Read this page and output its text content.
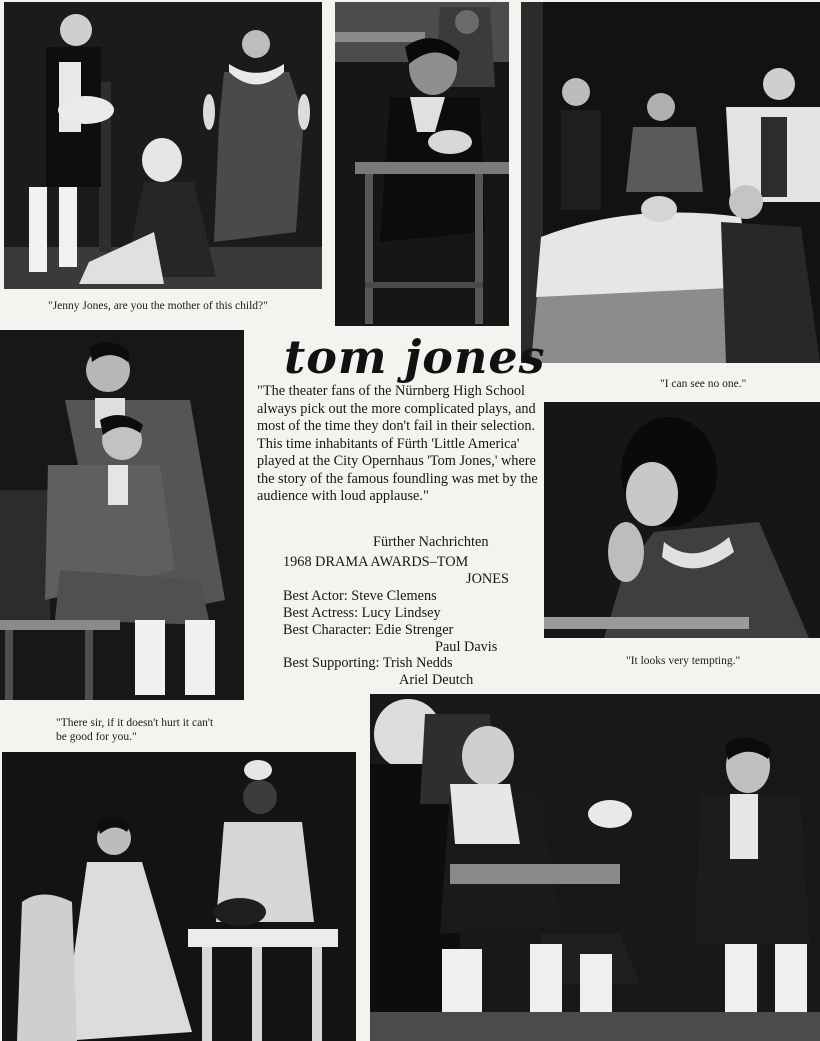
"Jenny Jones, are you the mother of this child?"
"I can see no one."
"There sir, if it doesn't hurt it can't be good for you."
tom jones
"The theater fans of the Nürnberg High School always pick out the more complicated plays, and most of the time they don't fail in their selection. This time inhabitants of Fürth 'Little America' played at the City Opernhaus 'Tom Jones,' where the story of the famous foundling was met by the audience with loud applause."
Fürther Nachrichten
1968 DRAMA AWARDS–TOM
JONES
Best Actor: Steve Clemens
Best Actress: Lucy Lindsey
Best Character: Edie Strenger
Paul Davis
Best Supporting: Trish Nedds
Ariel Deutch
"It looks very tempting."
